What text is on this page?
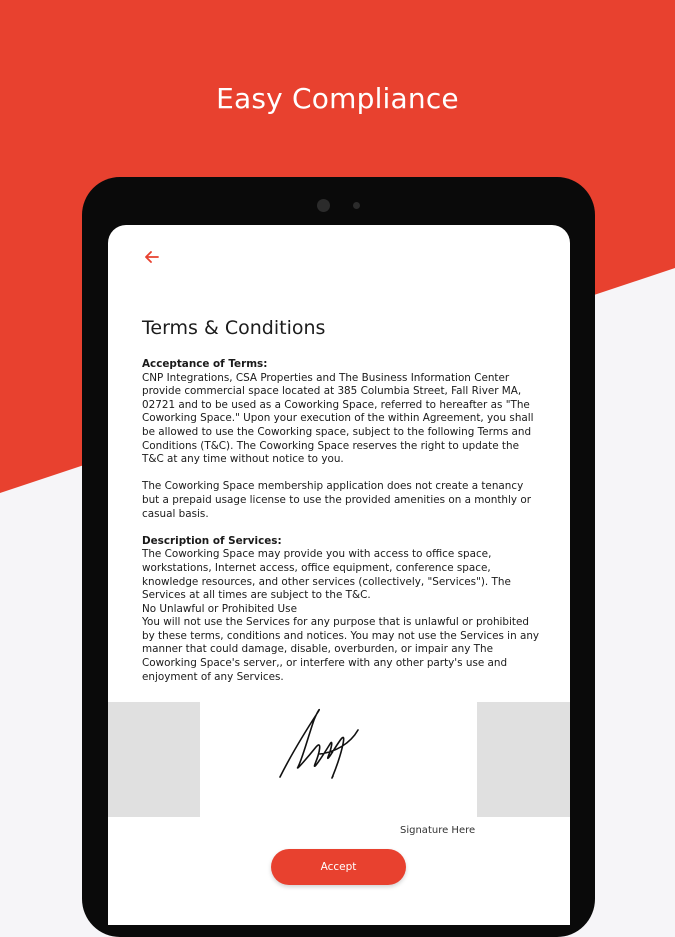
Easy Compliance
Terms & Conditions

Acceptance of Terms:

CNP Integrations, CSA Properties and The Business Information Center provide commercial space located at 385 Columbia Street, Fall River MA, 02721 and to be used as a Coworking Space, referred to hereafter as "The Coworking Space." Upon your execution of the within Agreement, you shall be allowed to use the Coworking space, subject to the following Terms and Conditions (T&C). The Coworking Space reserves the right to update the T&C at any time without notice to you.

The Coworking Space membership application does not create a tenancy but a prepaid usage license to use the provided amenities on a monthly or casual basis.

Description of Services:

The Coworking Space may provide you with access to office space, workstations, Internet access, office equipment, conference space, knowledge resources, and other services (collectively, "Services"). The Services at all times are subject to the T&C.

No Unlawful or Prohibited Use

You will not use the Services for any purpose that is unlawful or prohibited by these terms, conditions and notices. You may not use the Services in any manner that could damage, disable, overburden, or impair any The Coworking Space's server,, or interfere with any other party's use and enjoyment of any Services.

Signature Here
Accept
